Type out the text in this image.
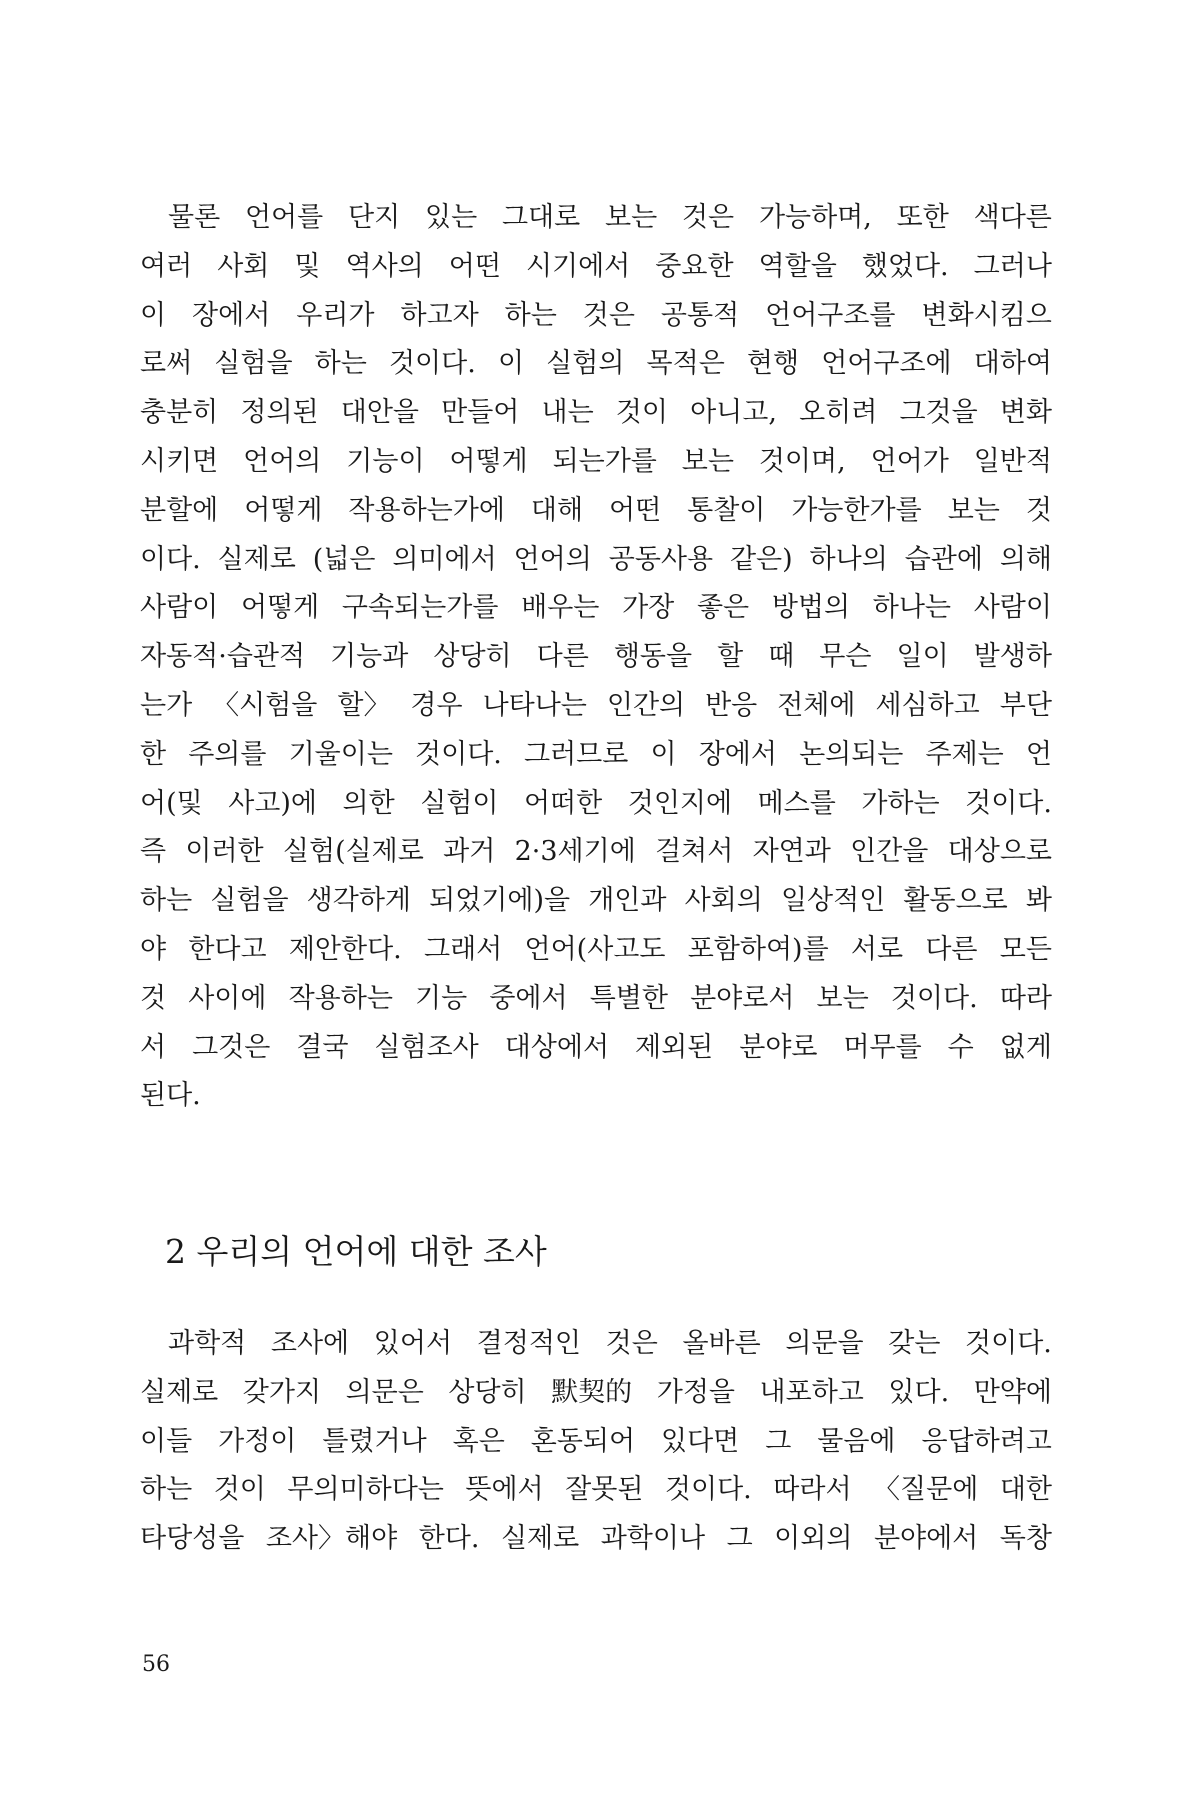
물론 언어를 단지 있는 그대로 보는 것은 가능하며, 또한 색다른
여러 사회 및 역사의 어떤 시기에서 중요한 역할을 했었다. 그러나
이 장에서 우리가 하고자 하는 것은 공통적 언어구조를 변화시킴으
로써 실험을 하는 것이다. 이 실험의 목적은 현행 언어구조에 대하여
충분히 정의된 대안을 만들어 내는 것이 아니고, 오히려 그것을 변화
시키면 언어의 기능이 어떻게 되는가를 보는 것이며, 언어가 일반적
분할에 어떻게 작용하는가에 대해 어떤 통찰이 가능한가를 보는 것
이다. 실제로 (넓은 의미에서 언어의 공동사용 같은) 하나의 습관에 의해
사람이 어떻게 구속되는가를 배우는 가장 좋은 방법의 하나는 사람이
자동적·습관적 기능과 상당히 다른 행동을 할 때 무슨 일이 발생하
는가 〈시험을 할〉 경우 나타나는 인간의 반응 전체에 세심하고 부단
한 주의를 기울이는 것이다. 그러므로 이 장에서 논의되는 주제는 언
어(및 사고)에 의한 실험이 어떠한 것인지에 메스를 가하는 것이다.
즉 이러한 실험(실제로 과거 2·3세기에 걸쳐서 자연과 인간을 대상으로
하는 실험을 생각하게 되었기에)을 개인과 사회의 일상적인 활동으로 봐
야 한다고 제안한다. 그래서 언어(사고도 포함하여)를 서로 다른 모든
것 사이에 작용하는 기능 중에서 특별한 분야로서 보는 것이다. 따라
서 그것은 결국 실험조사 대상에서 제외된 분야로 머무를 수 없게
된다.
2 우리의 언어에 대한 조사
과학적 조사에 있어서 결정적인 것은 올바른 의문을 갖는 것이다.
실제로 갖가지 의문은 상당히 默契的 가정을 내포하고 있다. 만약에
이들 가정이 틀렸거나 혹은 혼동되어 있다면 그 물음에 응답하려고
하는 것이 무의미하다는 뜻에서 잘못된 것이다. 따라서 〈질문에 대한
타당성을 조사〉해야 한다. 실제로 과학이나 그 이외의 분야에서 독창
56
